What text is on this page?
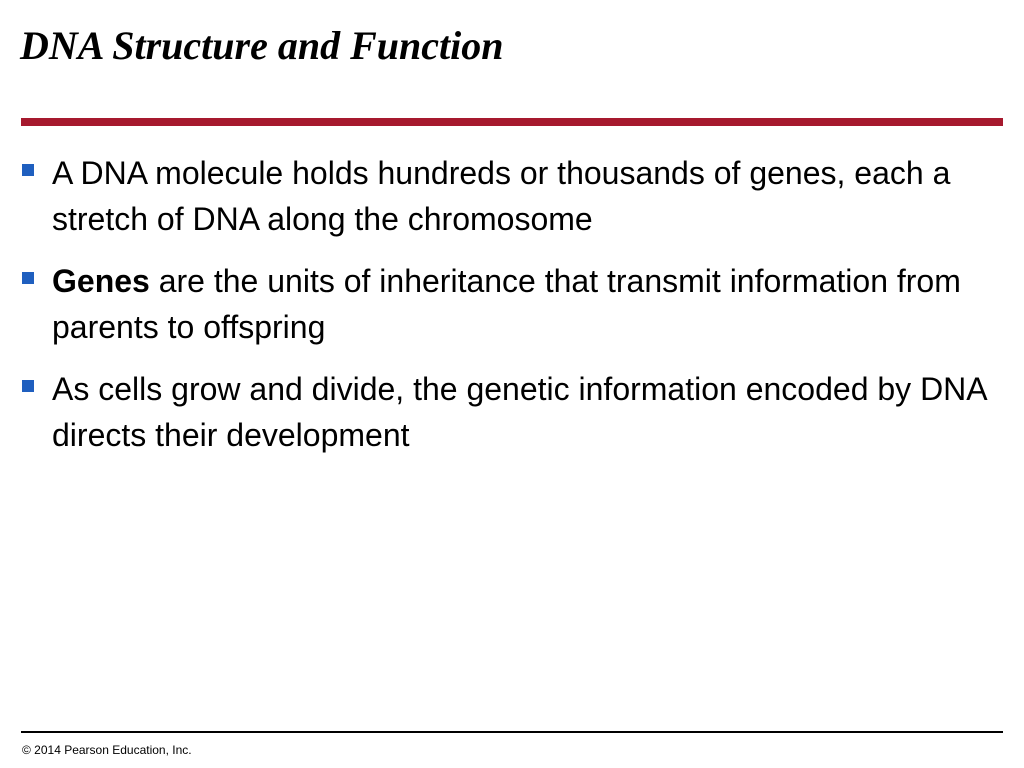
DNA Structure and Function
A DNA molecule holds hundreds or thousands of genes, each a stretch of DNA along the chromosome
Genes are the units of inheritance that transmit information from parents to offspring
As cells grow and divide, the genetic information encoded by DNA directs their development

© 2014 Pearson Education, Inc.
